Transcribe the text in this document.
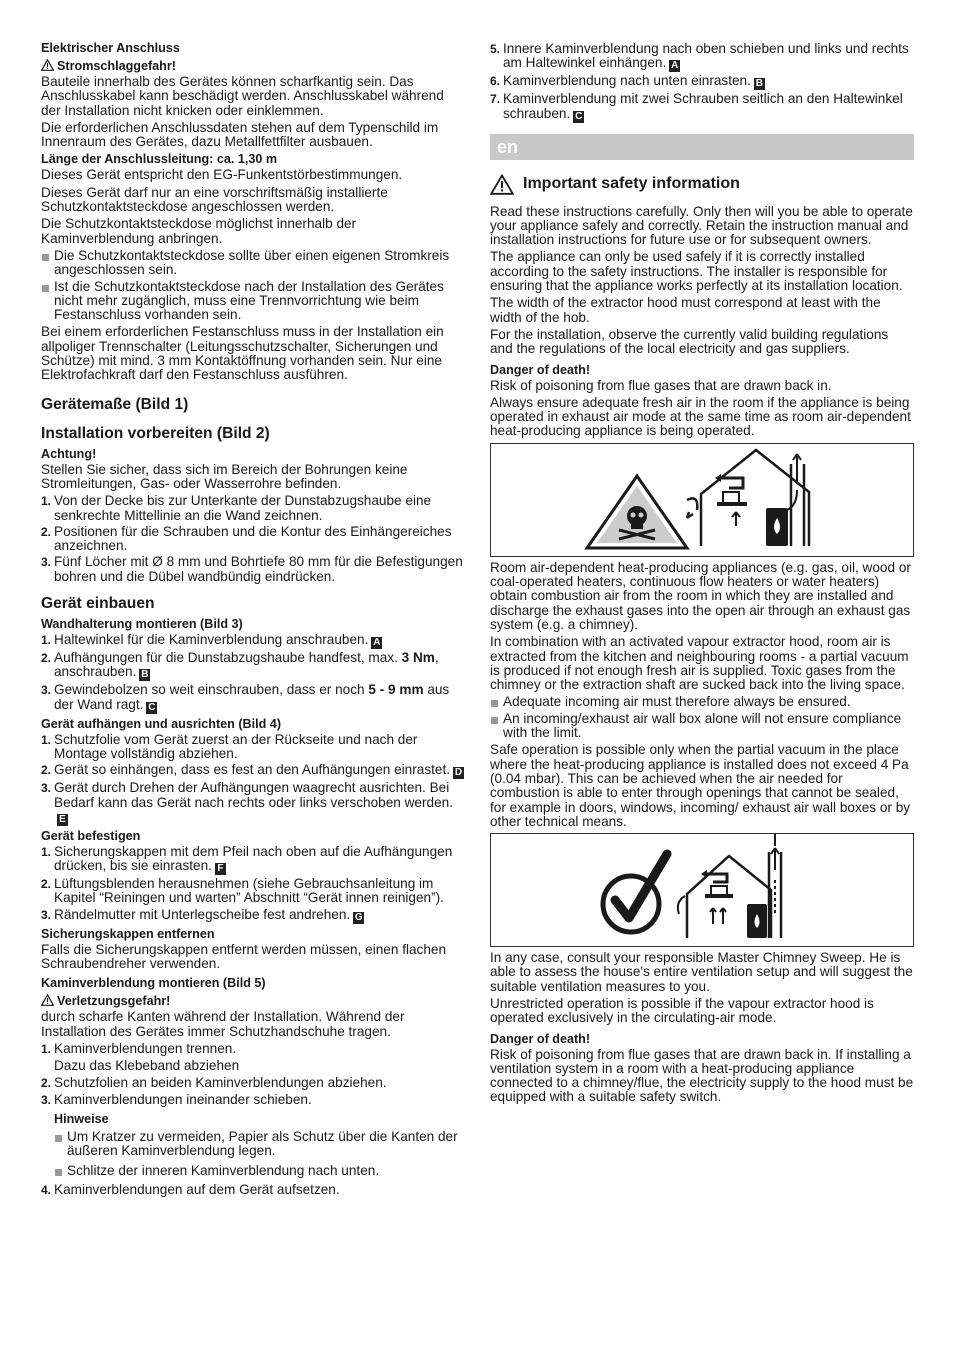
Elektrischer Anschluss
Stromschlaggefahr!

Bauteile innerhalb des Gerätes können scharfkantig sein. Das Anschlusskabel kann beschädigt werden. Anschlusskabel während der Installation nicht knicken oder einklemmen.

Die erforderlichen Anschlussdaten stehen auf dem Typenschild im Innenraum des Gerätes, dazu Metallfettfilter ausbauen.

Länge der Anschlussleitung: ca. 1,30 m

Dieses Gerät entspricht den EG-Funkentstörbestimmungen.

Dieses Gerät darf nur an eine vorschriftsmäßig installierte Schutzkontaktsteckdose angeschlossen werden.

Die Schutzkontaktsteckdose möglichst innerhalb der Kaminverblendung anbringen.

Die Schutzkontaktsteckdose sollte über einen eigenen Stromkreis angeschlossen sein.
Ist die Schutzkontaktsteckdose nach der Installation des Gerätes nicht mehr zugänglich, muss eine Trennvorrichtung wie beim Festanschluss vorhanden sein.

Bei einem erforderlichen Festanschluss muss in der Installation ein allpoliger Trennschalter (Leitungsschutzschalter, Sicherungen und Schütze) mit mind. 3 mm Kontaktöffnung vorhanden sein. Nur eine Elektrofachkraft darf den Festanschluss ausführen.

Gerätemaße (Bild 1)
Installation vorbereiten (Bild 2)
Achtung!

Stellen Sie sicher, dass sich im Bereich der Bohrungen keine Stromleitungen, Gas- oder Wasserrohre befinden.

1. Von der Decke bis zur Unterkante der Dunstabzugshaube eine senkrechte Mittellinie an die Wand zeichnen.
2. Positionen für die Schrauben und die Kontur des Einhängereiches anzeichnen.
3. Fünf Löcher mit Ø 8 mm und Bohrtiefe 80 mm für die Befestigungen bohren und die Dübel wandbündig eindrücken.
Gerät einbauen
Wandhalterung montieren (Bild 3)
1. Haltewinkel für die Kaminverblendung anschrauben. A
2. Aufhängungen für die Dunstabzugshaube handfest, max. 3 Nm, anschrauben. B
3. Gewindebolzen so weit einschrauben, dass er noch 5 - 9 mm aus der Wand ragt. C
Gerät aufhängen und ausrichten (Bild 4)
1. Schutzfolie vom Gerät zuerst an der Rückseite und nach der Montage vollständig abziehen.
2. Gerät so einhängen, dass es fest an den Aufhängungen einrastet. D
3. Gerät durch Drehen der Aufhängungen waagrecht ausrichten. Bei Bedarf kann das Gerät nach rechts oder links verschoben werden.E
Gerät befestigen
1. Sicherungskappen mit dem Pfeil nach oben auf die Aufhängungen drücken, bis sie einrasten. F
2. Lüftungsblenden herausnehmen (siehe Gebrauchsanleitung im Kapitel “Reiningen und warten” Abschnitt “Gerät innen reinigen”).
3. Rändelmutter mit Unterlegscheibe fest andrehen. G
Sicherungskappen entfernen

Falls die Sicherungskappen entfernt werden müssen, einen flachen Schraubendreher verwenden.

Kaminverblendung montieren (Bild 5)
Verletzungsgefahr!

durch scharfe Kanten während der Installation. Während der Installation des Gerätes immer Schutzhandschuhe tragen.

1. Kaminverblendungen trennen.

Dazu das Klebeband abziehen

2. Schutzfolien an beiden Kaminverblendungen abziehen.
3. Kaminverblendungen ineinander schieben.
Hinweise
Um Kratzer zu vermeiden, Papier als Schutz über die Kanten der äußeren Kaminverblendung legen.
Schlitze der inneren Kaminverblendung nach unten.
4. Kaminverblendungen auf dem Gerät aufsetzen.
5. Innere Kaminverblendung nach oben schieben und links und rechts am Haltewinkel einhängen. A
6. Kaminverblendung nach unten einrasten. B
7. Kaminverblendung mit zwei Schrauben seitlich an den Haltewinkel schrauben. C
en
Important safety information

Read these instructions carefully. Only then will you be able to operate your appliance safely and correctly. Retain the instruction manual and installation instructions for future use or for subsequent owners.

The appliance can only be used safely if it is correctly installed according to the safety instructions. The installer is responsible for ensuring that the appliance works perfectly at its installation location.

The width of the extractor hood must correspond at least with the width of the hob.

For the installation, observe the currently valid building regulations and the regulations of the local electricity and gas suppliers.

Danger of death!

Risk of poisoning from flue gases that are drawn back in.

Always ensure adequate fresh air in the room if the appliance is being operated in exhaust air mode at the same time as room air-dependent heat-producing appliance is being operated.

Room air-dependent heat-producing appliances (e.g. gas, oil, wood or coal-operated heaters, continuous flow heaters or water heaters) obtain combustion air from the room in which they are installed and discharge the exhaust gases into the open air through an exhaust gas system (e.g. a chimney).

In combination with an activated vapour extractor hood, room air is extracted from the kitchen and neighbouring rooms - a partial vacuum is produced if not enough fresh air is supplied. Toxic gases from the chimney or the extraction shaft are sucked back into the living space.

Adequate incoming air must therefore always be ensured.
An incoming/exhaust air wall box alone will not ensure compliance with the limit.

Safe operation is possible only when the partial vacuum in the place where the heat-producing appliance is installed does not exceed 4 Pa (0.04 mbar). This can be achieved when the air needed for combustion is able to enter through openings that cannot be sealed, for example in doors, windows, incoming/ exhaust air wall boxes or by other technical means.

In any case, consult your responsible Master Chimney Sweep. He is able to assess the house's entire ventilation setup and will suggest the suitable ventilation measures to you.

Unrestricted operation is possible if the vapour extractor hood is operated exclusively in the circulating-air mode.

Danger of death!

Risk of poisoning from flue gases that are drawn back in. If installing a ventilation system in a room with a heat-producing appliance connected to a chimney/flue, the electricity supply to the hood must be equipped with a suitable safety switch.
